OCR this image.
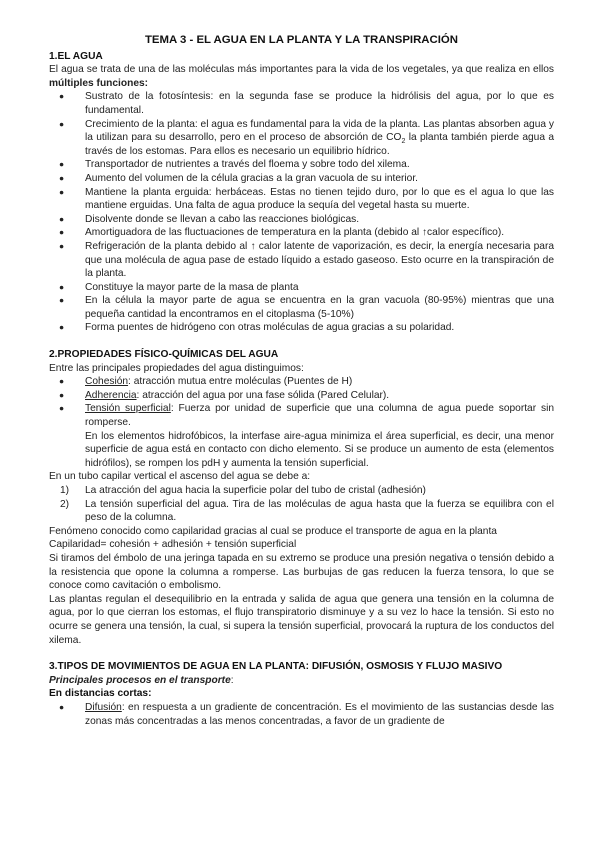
TEMA 3 - EL AGUA EN LA PLANTA Y LA TRANSPIRACIÓN
1.EL AGUA
El agua se trata de una de las moléculas más importantes para la vida de los vegetales, ya que realiza en ellos múltiples funciones:
● Sustrato de la fotosíntesis: en la segunda fase se produce la hidrólisis del agua, por lo que es fundamental.
● Crecimiento de la planta: el agua es fundamental para la vida de la planta. Las plantas absorben agua y la utilizan para su desarrollo, pero en el proceso de absorción de $CO_2$ la planta también pierde agua a través de los estomas. Para ellos es necesario un equilibrio hídrico.
● Transportador de nutrientes a través del floema y sobre todo del xilema.
● Aumento del volumen de la célula gracias a la gran vacuola de su interior.
● Mantiene la planta erguida: herbáceas. Estas no tienen tejido duro, por lo que es el agua lo que las mantiene erguidas. Una falta de agua produce la sequía del vegetal hasta su muerte.
● Disolvente donde se llevan a cabo las reacciones biológicas.
● Amortiguadora de las fluctuaciones de temperatura en la planta (debido al ↑calor específico).
● Refrigeración de la planta debido al ↑ calor latente de vaporización, es decir, la energía necesaria para que una molécula de agua pase de estado líquido a estado gaseoso. Esto ocurre en la transpiración de la planta.
● Constituye la mayor parte de la masa de planta
● En la célula la mayor parte de agua se encuentra en la gran vacuola (80-95%) mientras que una pequeña cantidad la encontramos en el citoplasma (5-10%)
● Forma puentes de hidrógeno con otras moléculas de agua gracias a su polaridad.
2.PROPIEDADES FÍSICO-QUÍMICAS DEL AGUA
Entre las principales propiedades del agua distinguimos:
● Cohesión: atracción mutua entre moléculas (Puentes de H)
● Adherencia: atracción del agua por una fase sólida (Pared Celular).
● Tensión superficial: Fuerza por unidad de superficie que una columna de agua puede soportar sin romperse.
En los elementos hidrofóbicos, la interfase aire-agua minimiza el área superficial, es decir, una menor superficie de agua está en contacto con dicho elemento. Si se produce un aumento de esta (elementos hidrófilos), se rompen los pdH y aumenta la tensión superficial.
En un tubo capilar vertical el ascenso del agua se debe a:
1) La atracción del agua hacia la superficie polar del tubo de cristal (adhesión)
2) La tensión superficial del agua. Tira de las moléculas de agua hasta que la fuerza se equilibra con el peso de la columna.
Fenómeno conocido como capilaridad gracias al cual se produce el transporte de agua en la planta
Capilaridad= cohesión + adhesión + tensión superficial
Si tiramos del émbolo de una jeringa tapada en su extremo se produce una presión negativa o tensión debido a la resistencia que opone la columna a romperse. Las burbujas de gas reducen la fuerza tensora, lo que se conoce como cavitación o embolismo.
Las plantas regulan el desequilibrio en la entrada y salida de agua que genera una tensión en la columna de agua, por lo que cierran los estomas, el flujo transpiratorio disminuye y a su vez lo hace la tensión. Si esto no ocurre se genera una tensión, la cual, si supera la tensión superficial, provocará la ruptura de los conductos del xilema.
3.TIPOS DE MOVIMIENTOS DE AGUA EN LA PLANTA: DIFUSIÓN, OSMOSIS Y FLUJO MASIVO
Principales procesos en el transporte:
En distancias cortas:
● Difusión: en respuesta a un gradiente de concentración. Es el movimiento de las sustancias desde las zonas más concentradas a las menos concentradas, a favor de un gradiente de
